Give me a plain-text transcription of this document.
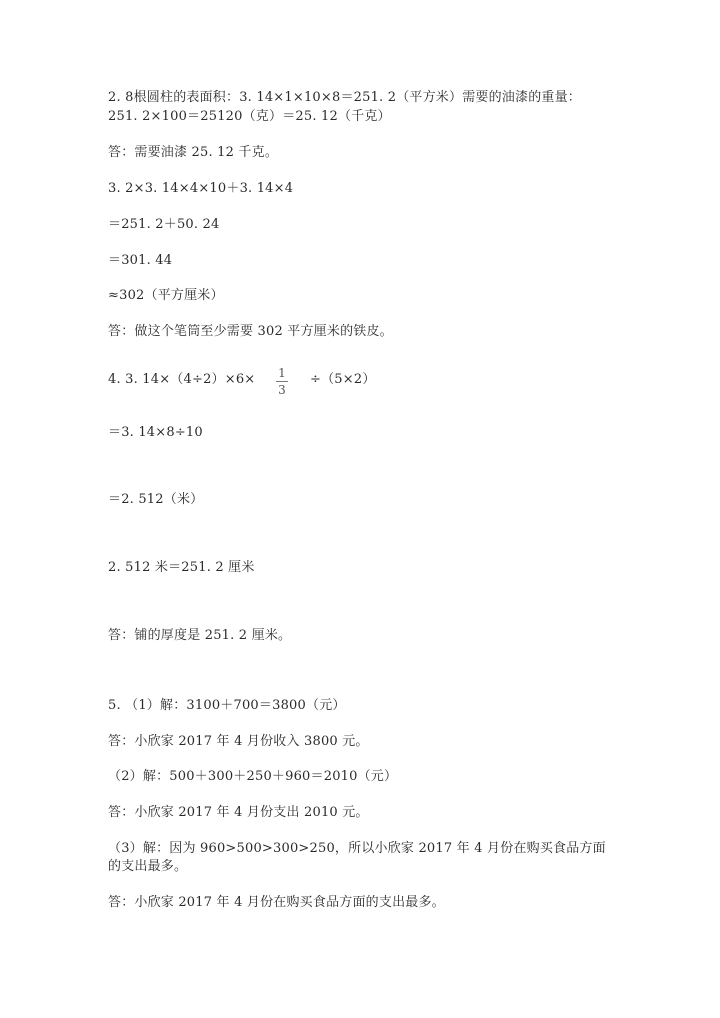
2. 8根圆柱的表面积：3. 14×1×10×8＝251. 2（平方米）需要的油漆的重量：
251. 2×100＝25120（克）＝25. 12（千克）
答：需要油漆 25. 12 千克。
3. 2×3. 14×4×10＋3. 14×4
＝251. 2＋50. 24
＝301. 44
≈302（平方厘米）
答：做这个笔筒至少需要 302 平方厘米的铁皮。
4. 3. 14×（4÷2）×6×	1
3
÷（5×2）
＝3. 14×8÷10
＝2. 512（米）
2. 512 米＝251. 2 厘米
答：铺的厚度是 251. 2 厘米。
5. （1）解：3100＋700＝3800（元）
答：小欣家 2017 年 4 月份收入 3800 元。
（2）解：500＋300＋250＋960＝2010（元）
答：小欣家 2017 年 4 月份支出 2010 元。
（3）解：因为 960>500>300>250，所以小欣家 2017 年 4 月份在购买食品方面
的支出最多。
答：小欣家 2017 年 4 月份在购买食品方面的支出最多。
